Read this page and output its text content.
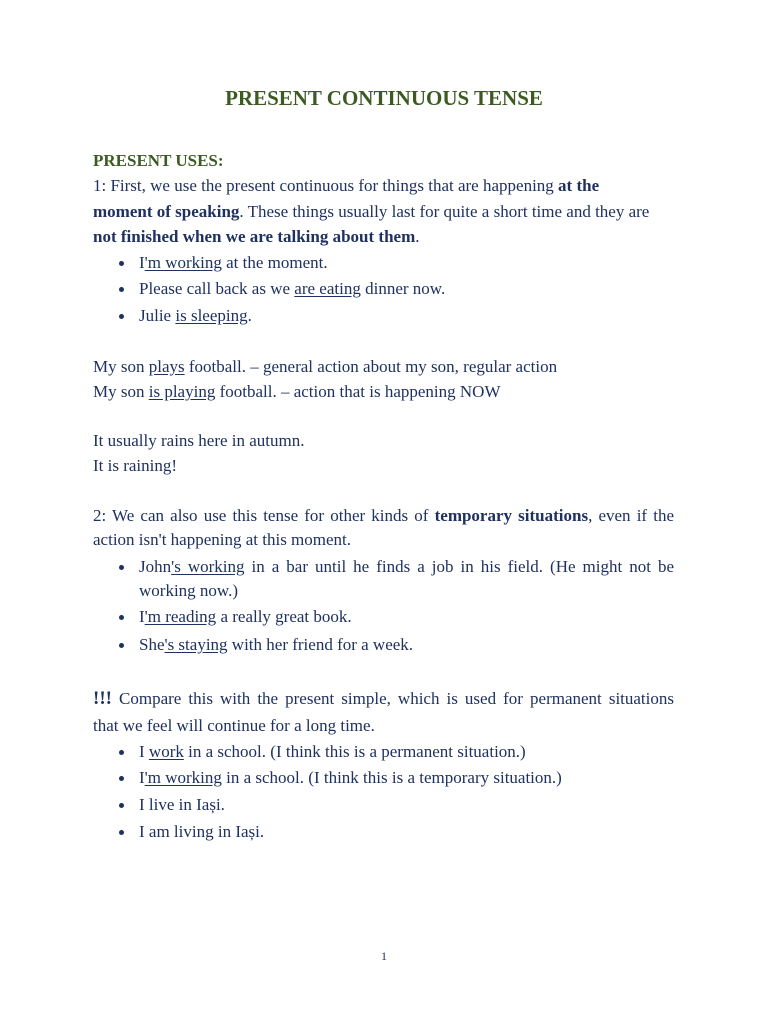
PRESENT CONTINUOUS TENSE
PRESENT USES:
1: First, we use the present continuous for things that are happening at the
moment of speaking. These things usually last for quite a short time and they are
not finished when we are talking about them.
I'm working at the moment.
Please call back as we are eating dinner now.
Julie is sleeping.
My son plays football. – general action about my son, regular action
My son is playing football. – action that is happening NOW
It usually rains here in autumn.
It is raining!
2: We can also use this tense for other kinds of temporary situations, even if the
action isn't happening at this moment.
John's working in a bar until he finds a job in his field. (He might not be
working now.)
I'm reading a really great book.
She's staying with her friend for a week.
!!! Compare this with the present simple, which is used for permanent situations
that we feel will continue for a long time.
I work in a school. (I think this is a permanent situation.)
I'm working in a school. (I think this is a temporary situation.)
I live in Iași.
I am living in Iași.
1
